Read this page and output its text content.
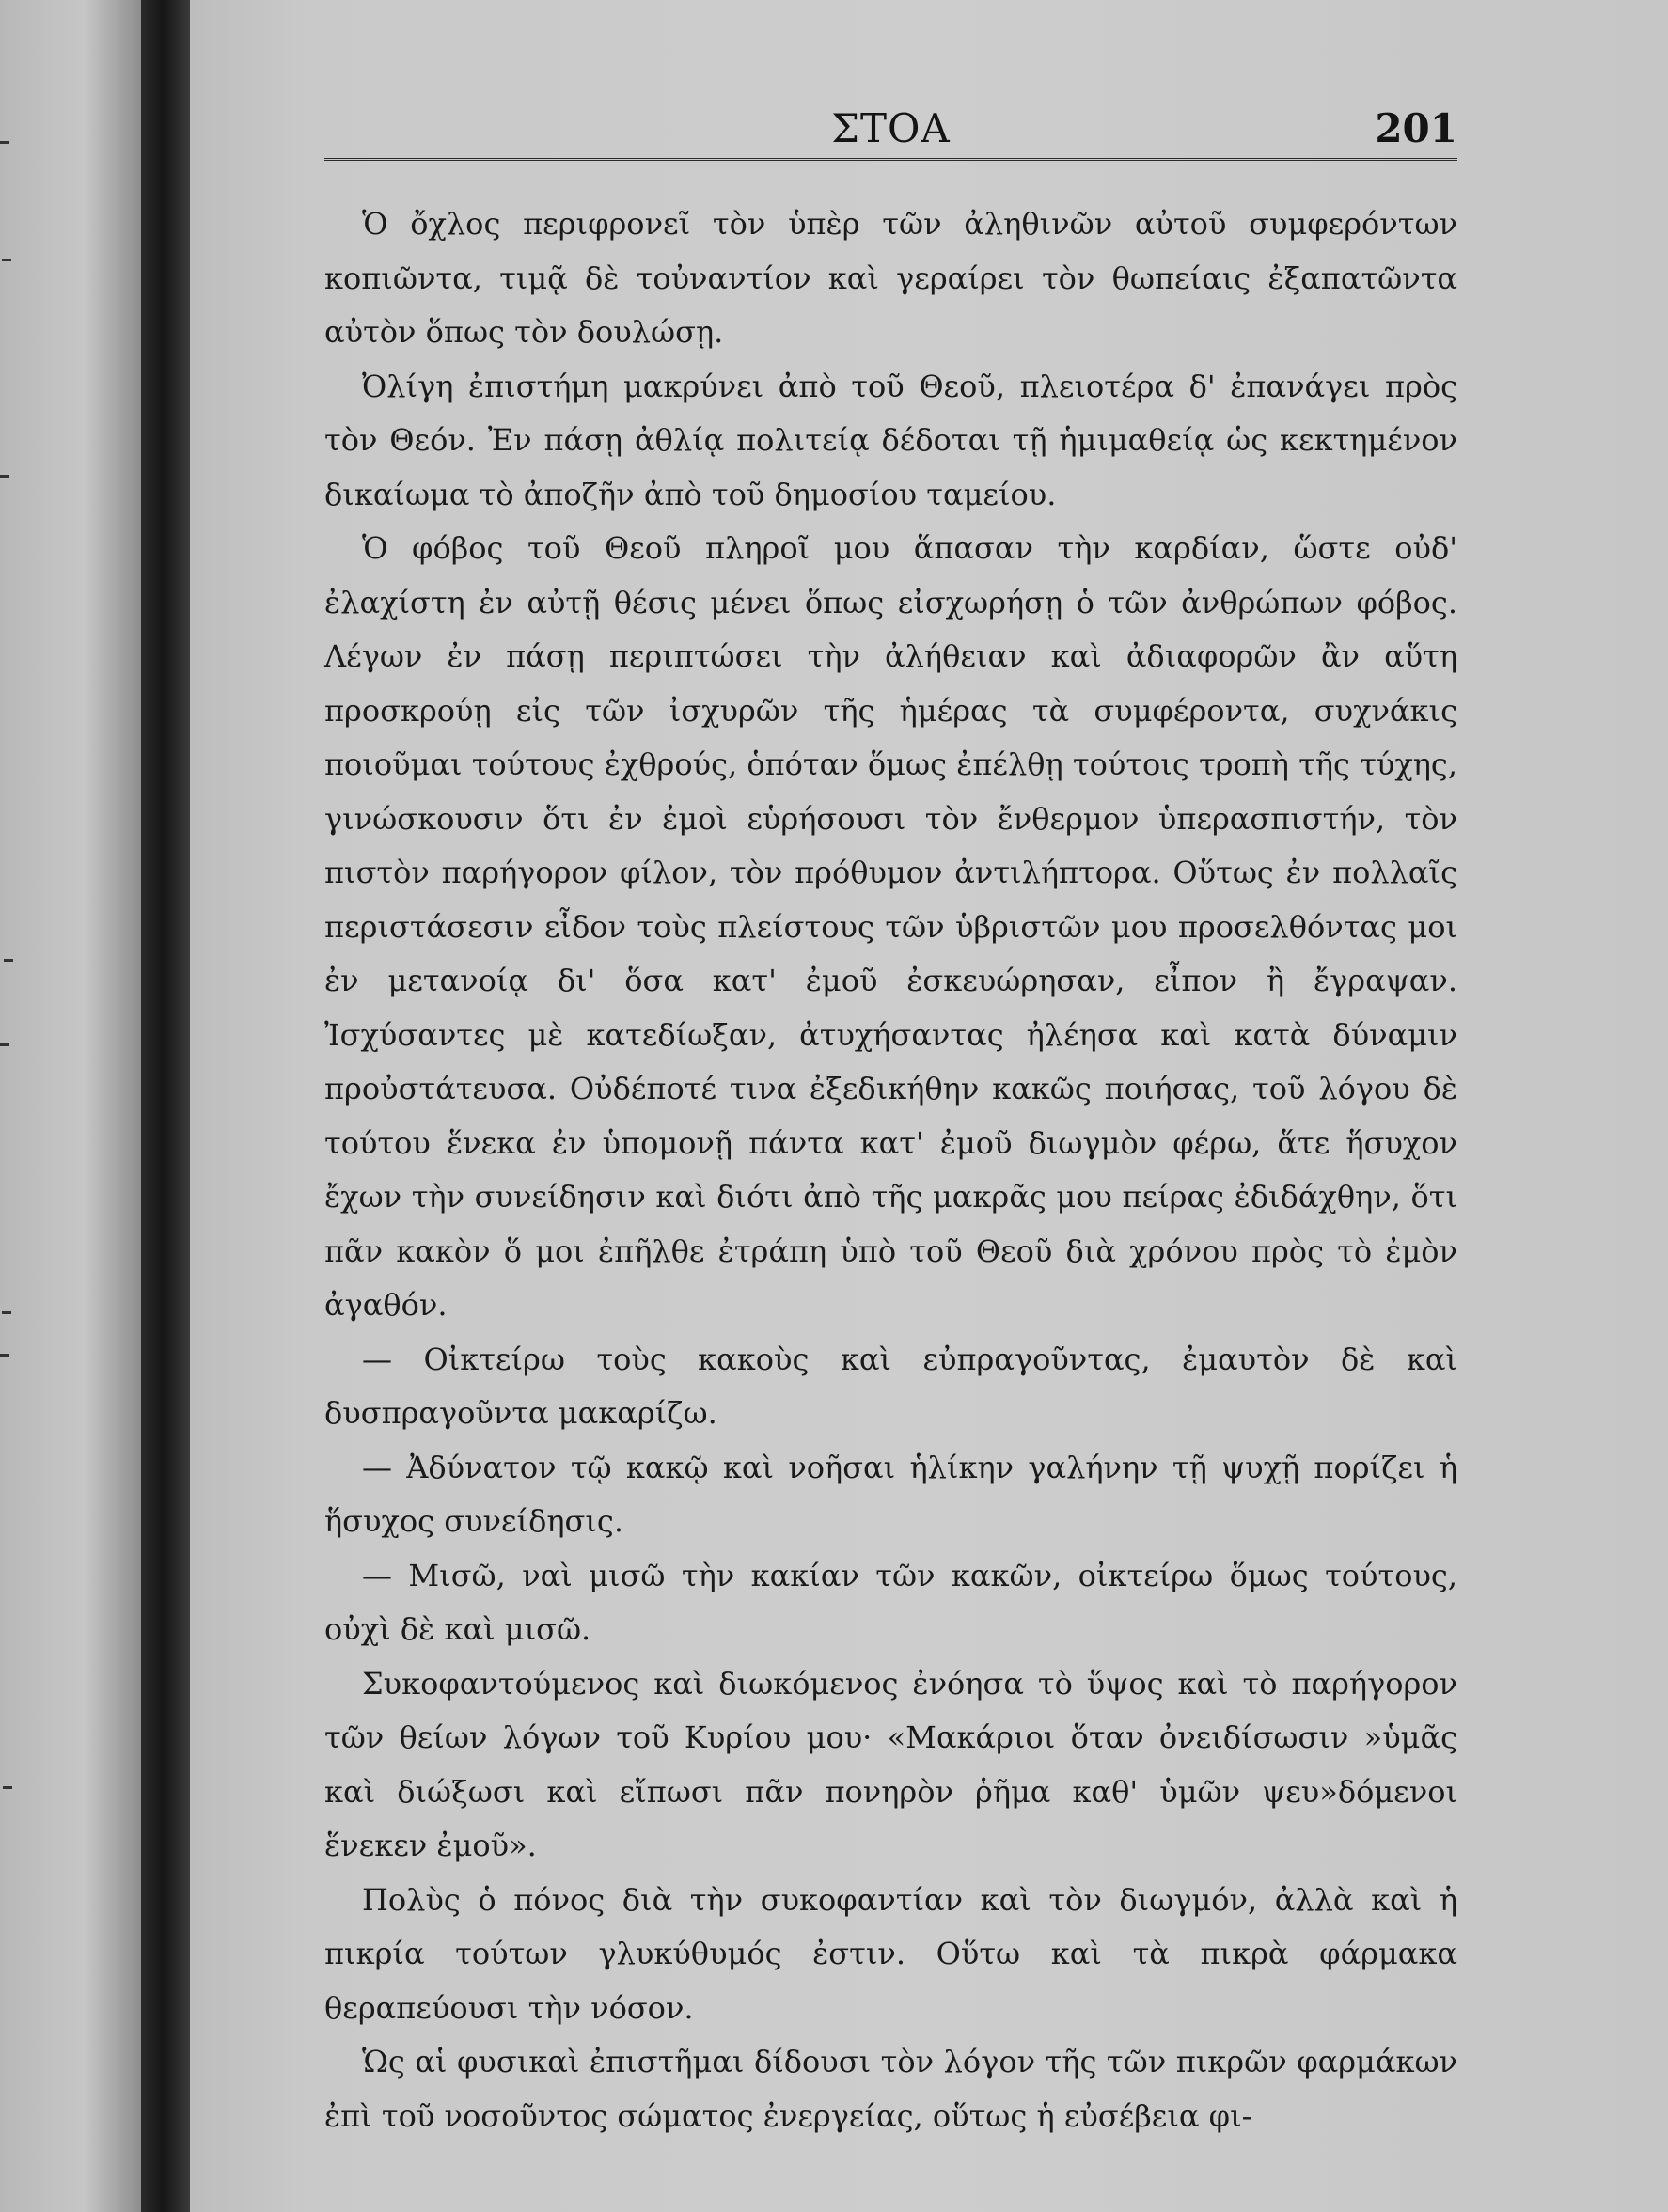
ΣΤΟΑ	201

Ὁ ὄχλος περιφρονεῖ τὸν ὑπὲρ τῶν ἀληθινῶν αὐτοῦ συμφερόντων κοπιῶντα, τιμᾷ δὲ τοὐναντίον καὶ γεραίρει τὸν θωπείαις ἐξαπατῶντα αὐτὸν ὅπως τὸν δουλώσῃ.

Ὀλίγη ἐπιστήμη μακρύνει ἀπὸ τοῦ Θεοῦ, πλειοτέρα δ' ἐπανάγει πρὸς τὸν Θεόν. Ἐν πάσῃ ἀθλίᾳ πολιτείᾳ δέδοται τῇ ἡμιμαθείᾳ ὡς κεκτημένον δικαίωμα τὸ ἀποζῆν ἀπὸ τοῦ δημοσίου ταμείου.

Ὁ φόβος τοῦ Θεοῦ πληροῖ μου ἅπασαν τὴν καρδίαν, ὥστε οὐδ' ἐλαχίστη ἐν αὐτῇ θέσις μένει ὅπως εἰσχωρήσῃ ὁ τῶν ἀνθρώπων φόβος. Λέγων ἐν πάσῃ περιπτώσει τὴν ἀλήθειαν καὶ ἀδιαφορῶν ἂν αὕτη προσκρούῃ εἰς τῶν ἰσχυρῶν τῆς ἡμέρας τὰ συμφέροντα, συχνάκις ποιοῦμαι τούτους ἐχθρούς, ὁπόταν ὅμως ἐπέλθῃ τούτοις τροπὴ τῆς τύχης, γινώσκουσιν ὅτι ἐν ἐμοὶ εὑρήσουσι τὸν ἔνθερμον ὑπερασπιστήν, τὸν πιστὸν παρήγορον φίλον, τὸν πρόθυμον ἀντιλήπτορα. Οὕτως ἐν πολλαῖς περιστάσεσιν εἶδον τοὺς πλείστους τῶν ὑβριστῶν μου προσελθόντας μοι ἐν μετανοίᾳ δι' ὅσα κατ' ἐμοῦ ἐσκευώρησαν, εἶπον ἢ ἔγραψαν. Ἰσχύσαντες μὲ κατεδίωξαν, ἀτυχήσαντας ἠλέησα καὶ κατὰ δύναμιν προὐστάτευσα. Οὐδέποτέ τινα ἐξεδικήθην κακῶς ποιήσας, τοῦ λόγου δὲ τούτου ἕνεκα ἐν ὑπομονῇ πάντα κατ' ἐμοῦ διωγμὸν φέρω, ἅτε ἥσυχον ἔχων τὴν συνείδησιν καὶ διότι ἀπὸ τῆς μακρᾶς μου πείρας ἐδιδάχθην, ὅτι πᾶν κακὸν ὅ μοι ἐπῆλθε ἐτράπη ὑπὸ τοῦ Θεοῦ διὰ χρόνου πρὸς τὸ ἐμὸν ἀγαθόν.

— Οἰκτείρω τοὺς κακοὺς καὶ εὐπραγοῦντας, ἐμαυτὸν δὲ καὶ δυσπραγοῦντα μακαρίζω.

— Ἀδύνατον τῷ κακῷ καὶ νοῆσαι ἡλίκην γαλήνην τῇ ψυχῇ πορίζει ἡ ἥσυχος συνείδησις.

— Μισῶ, ναὶ μισῶ τὴν κακίαν τῶν κακῶν, οἰκτείρω ὅμως τούτους, οὐχὶ δὲ καὶ μισῶ.

Συκοφαντούμενος καὶ διωκόμενος ἐνόησα τὸ ὕψος καὶ τὸ παρήγορον τῶν θείων λόγων τοῦ Κυρίου μου· «Μακάριοι ὅταν ὀνειδίσωσιν »ὑμᾶς καὶ διώξωσι καὶ εἴπωσι πᾶν πονηρὸν ῥῆμα καθ' ὑμῶν ψευ»δόμενοι ἕνεκεν ἐμοῦ».

Πολὺς ὁ πόνος διὰ τὴν συκοφαντίαν καὶ τὸν διωγμόν, ἀλλὰ καὶ ἡ πικρία τούτων γλυκύθυμός ἐστιν. Οὕτω καὶ τὰ πικρὰ φάρμακα θεραπεύουσι τὴν νόσον.

Ὡς αἱ φυσικαὶ ἐπιστῆμαι δίδουσι τὸν λόγον τῆς τῶν πικρῶν φαρμάκων ἐπὶ τοῦ νοσοῦντος σώματος ἐνεργείας, οὕτως ἡ εὐσέβεια φι-
